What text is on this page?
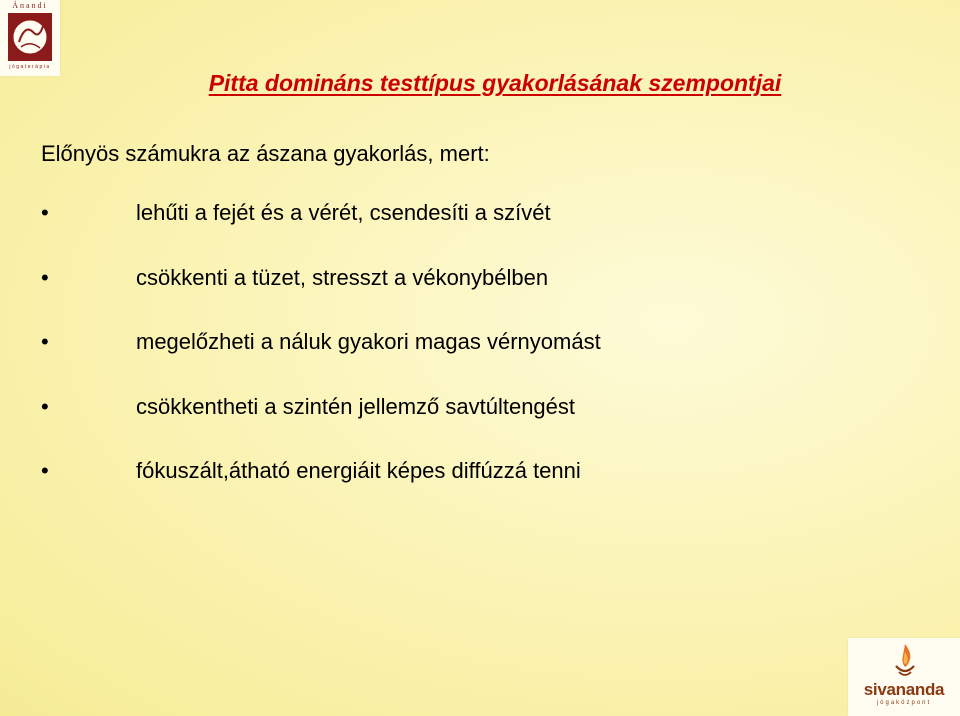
Ánandi
jógaterápia
Pitta domináns testtípus gyakorlásának szempontjai
Előnyös számukra az ászana gyakorlás, mert:
•	lehűti a fejét és a vérét, csendesíti a szívét
•	csökkenti a tüzet, stresszt a vékonybélben
•	megelőzheti a náluk gyakori magas vérnyomást
•	csökkentheti a szintén jellemző savtúltengést
•	fókuszált,átható energiáit képes diffúzzá tenni
sivananda
jógaközpont
